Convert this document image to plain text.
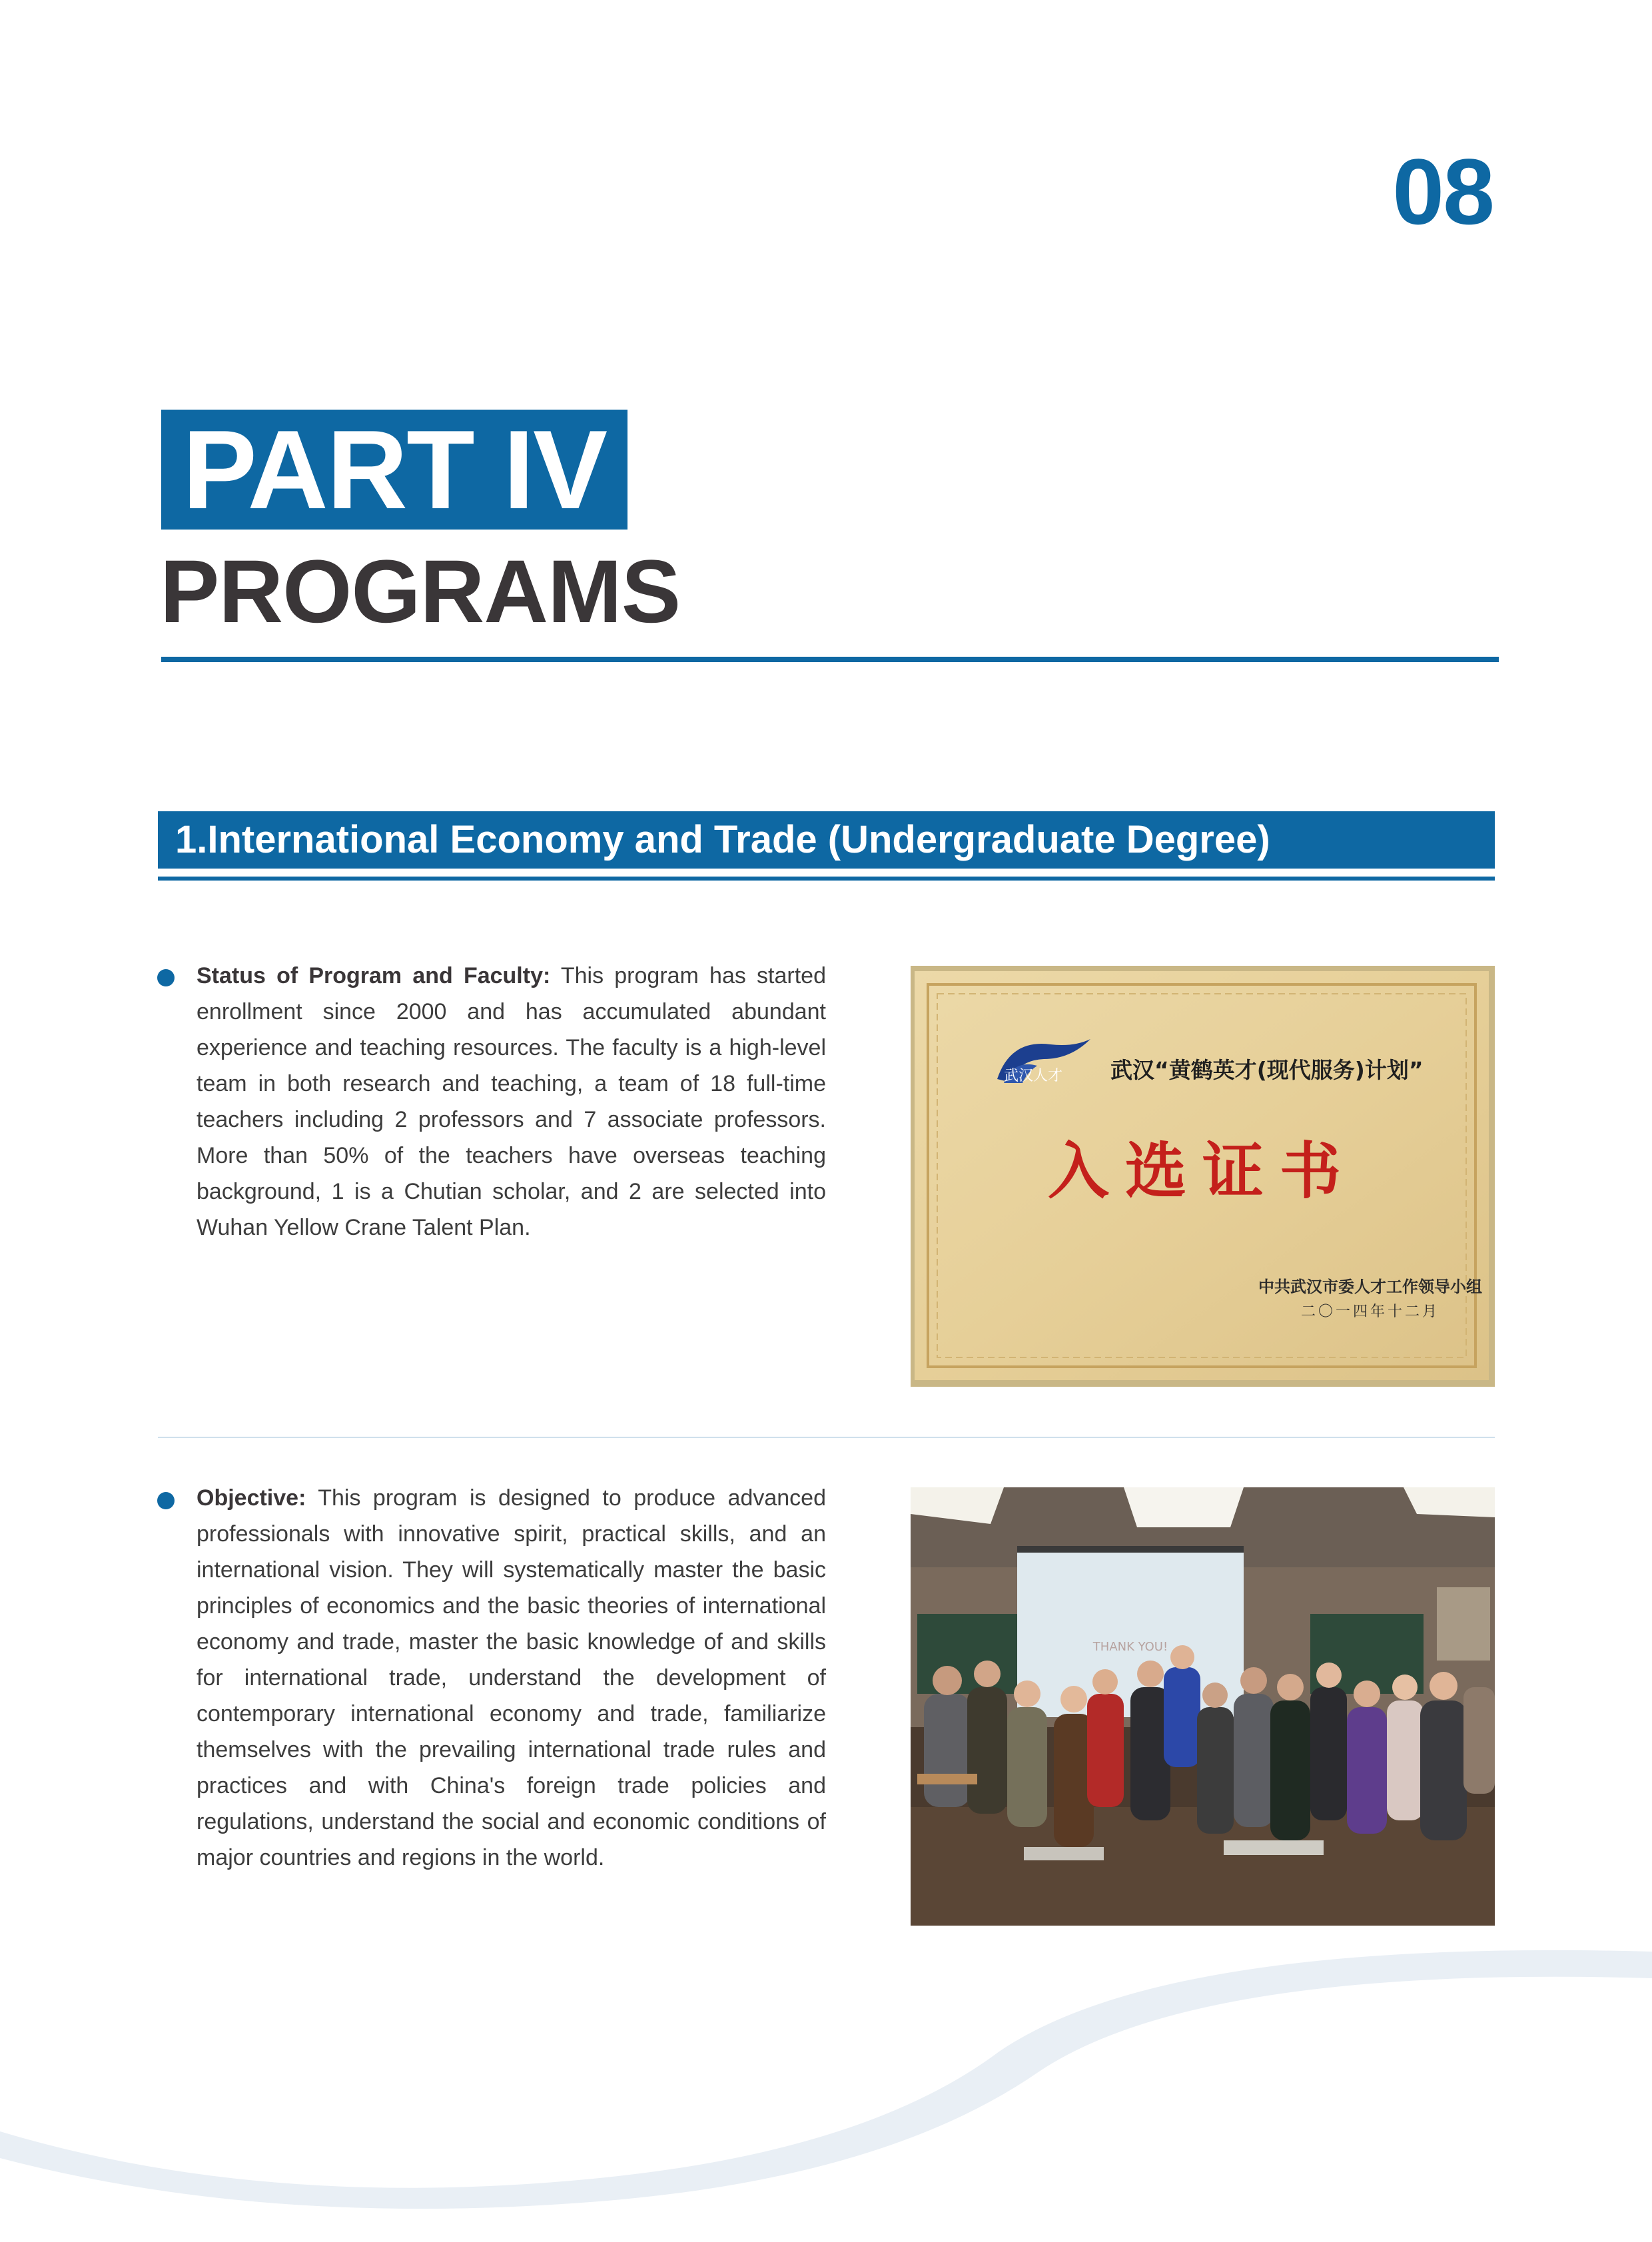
08
PART IV
PROGRAMS
1.International Economy and Trade (Undergraduate Degree)

Status of Program and Faculty: This program has started enrollment since 2000 and has accumulated abundant experience and teaching resources. The faculty is a high-level team in both research and teaching, a team of 18 full-time teachers including 2 professors and 7 associate professors. More than 50% of the teachers have overseas teaching background, 1 is a Chutian scholar, and 2 are selected into Wuhan Yellow Crane Talent Plan.

武汉人才 武汉“黄鹤英才(现代服务)计划”
入选证书
中共武汉市委人才工作领导小组
二〇一四年十二月

Objective: This program is designed to produce advanced professionals with innovative spirit, practical skills, and an international vision. They will systematically master the basic principles of economics and the basic theories of international economy and trade, master the basic knowledge of and skills for international trade, understand the development of contemporary international economy and trade, familiarize themselves with the prevailing international trade rules and practices and with China's foreign trade policies and regulations, understand the social and economic conditions of major countries and regions in the world.

THANK YOU!
